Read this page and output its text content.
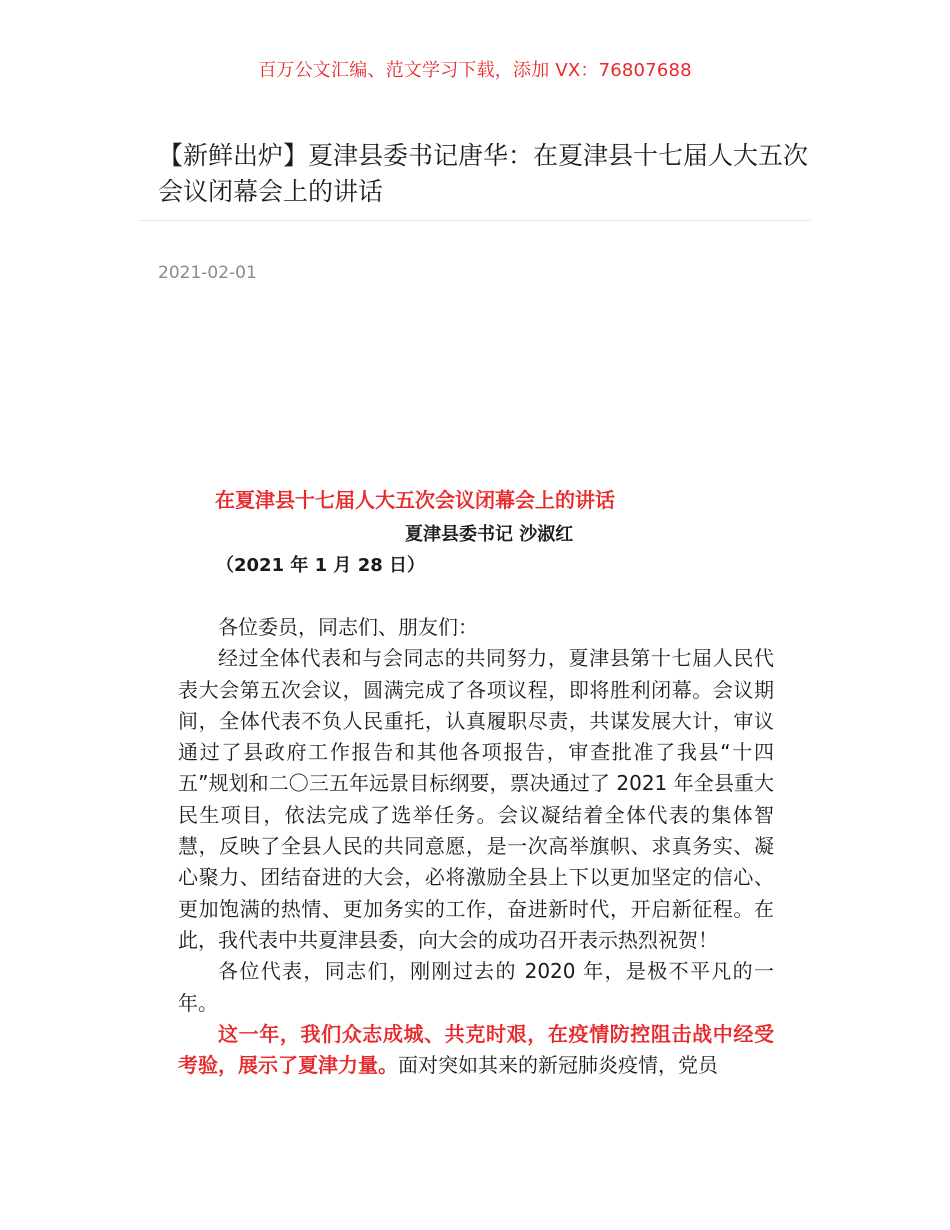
百万公文汇编、范文学习下载，添加 VX：76807688
【新鲜出炉】夏津县委书记唐华：在夏津县十七届人大五次会议闭幕会上的讲话
2021-02-01
在夏津县十七届人大五次会议闭幕会上的讲话
夏津县委书记 沙淑红
（2021 年 1 月 28 日）

各位委员，同志们、朋友们：

经过全体代表和与会同志的共同努力，夏津县第十七届人民代表大会第五次会议，圆满完成了各项议程，即将胜利闭幕。会议期间，全体代表不负人民重托，认真履职尽责，共谋发展大计，审议通过了县政府工作报告和其他各项报告，审查批准了我县“十四五”规划和二〇三五年远景目标纲要，票决通过了 2021 年全县重大民生项目，依法完成了选举任务。会议凝结着全体代表的集体智慧，反映了全县人民的共同意愿，是一次高举旗帜、求真务实、凝心聚力、团结奋进的大会，必将激励全县上下以更加坚定的信心、更加饱满的热情、更加务实的工作，奋进新时代，开启新征程。在此，我代表中共夏津县委，向大会的成功召开表示热烈祝贺！

各位代表，同志们，刚刚过去的 2020 年，是极不平凡的一年。

这一年，我们众志成城、共克时艰，在疫情防控阻击战中经受考验，展示了夏津力量。面对突如其来的新冠肺炎疫情，党员
